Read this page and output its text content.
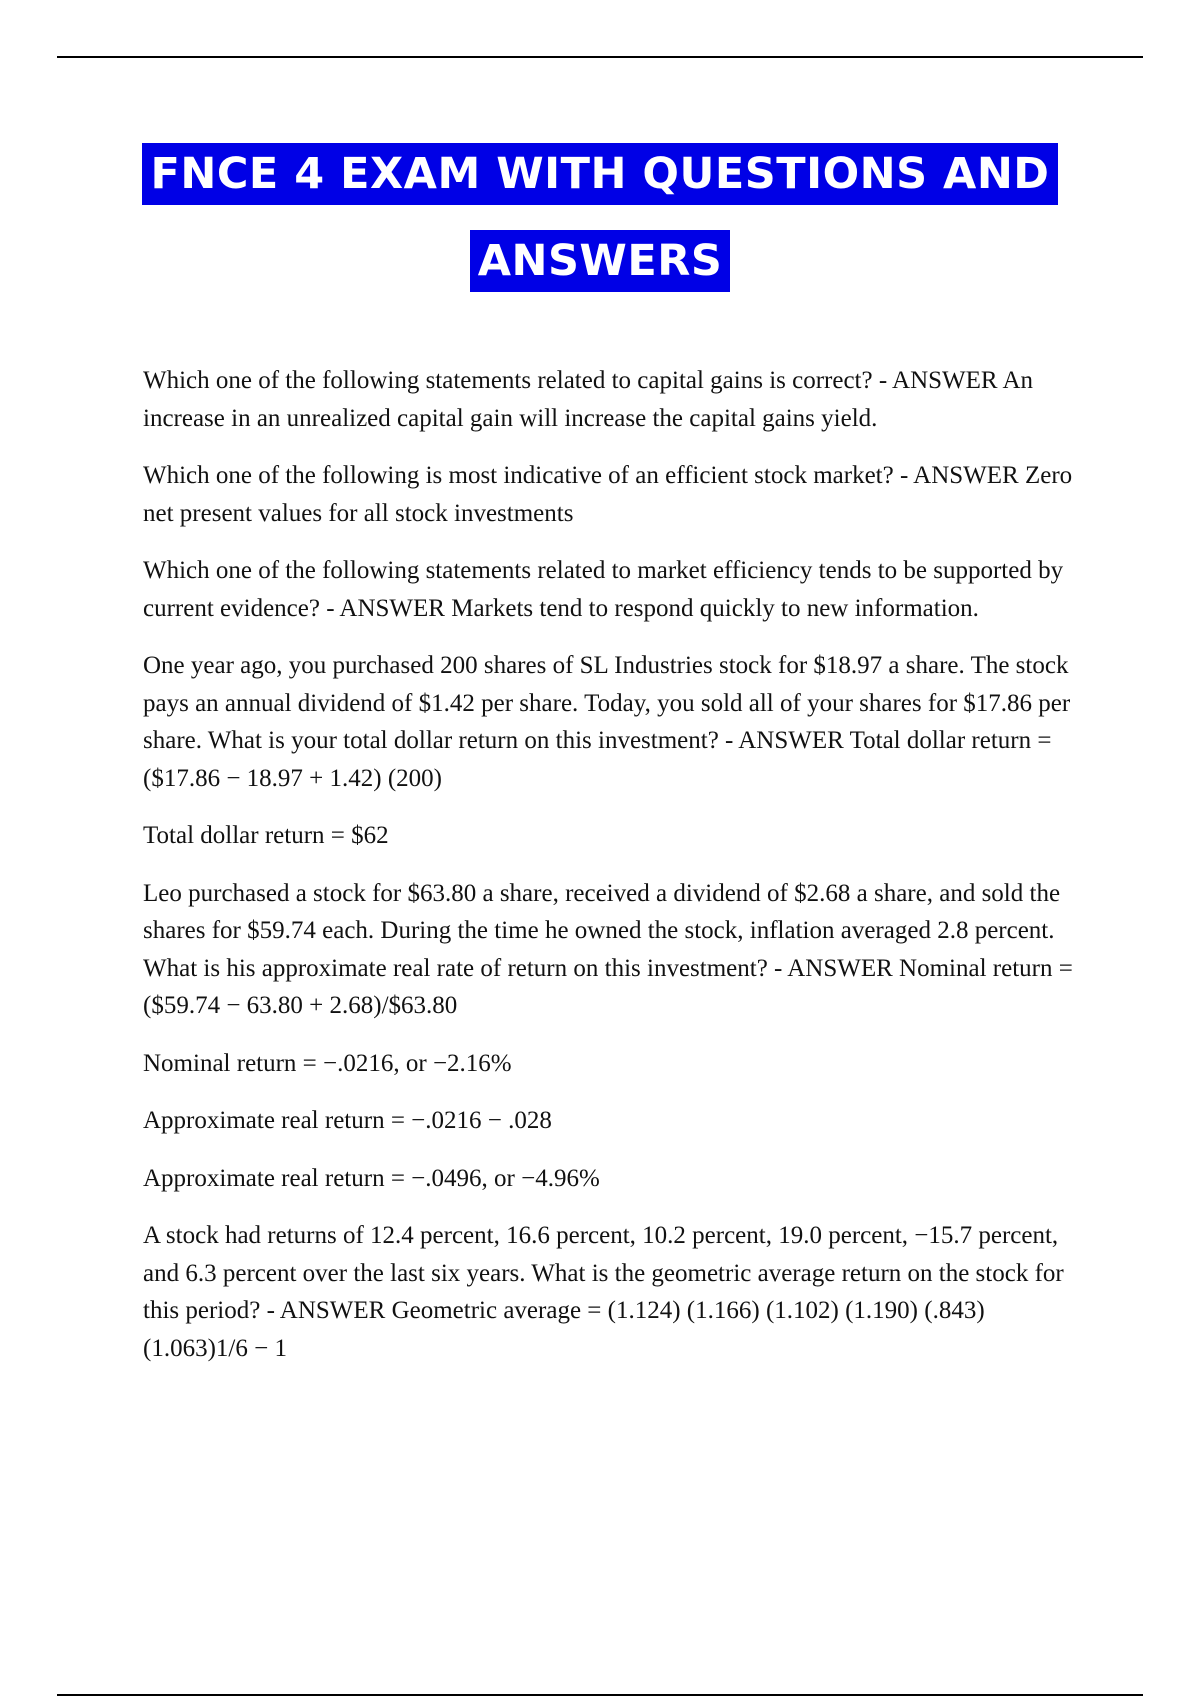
FNCE 4 EXAM WITH QUESTIONS AND
ANSWERS

Which one of the following statements related to capital gains is correct? - ANSWER An increase in an unrealized capital gain will increase the capital gains yield.

Which one of the following is most indicative of an efficient stock market? - ANSWER Zero net present values for all stock investments

Which one of the following statements related to market efficiency tends to be supported by current evidence? - ANSWER Markets tend to respond quickly to new information.

One year ago, you purchased 200 shares of SL Industries stock for $18.97 a share. The stock pays an annual dividend of $1.42 per share. Today, you sold all of your shares for $17.86 per share. What is your total dollar return on this investment? - ANSWER Total dollar return = ($17.86 − 18.97 + 1.42) (200)

Total dollar return = $62

Leo purchased a stock for $63.80 a share, received a dividend of $2.68 a share, and sold the shares for $59.74 each. During the time he owned the stock, inflation averaged 2.8 percent. What is his approximate real rate of return on this investment? - ANSWER Nominal return = ($59.74 − 63.80 + 2.68)/$63.80

Nominal return = −.0216, or −2.16%

Approximate real return = −.0216 − .028

Approximate real return = −.0496, or −4.96%

A stock had returns of 12.4 percent, 16.6 percent, 10.2 percent, 19.0 percent, −15.7 percent, and 6.3 percent over the last six years. What is the geometric average return on the stock for this period? - ANSWER Geometric average = (1.124) (1.166) (1.102) (1.190) (.843) (1.063)1/6 − 1
